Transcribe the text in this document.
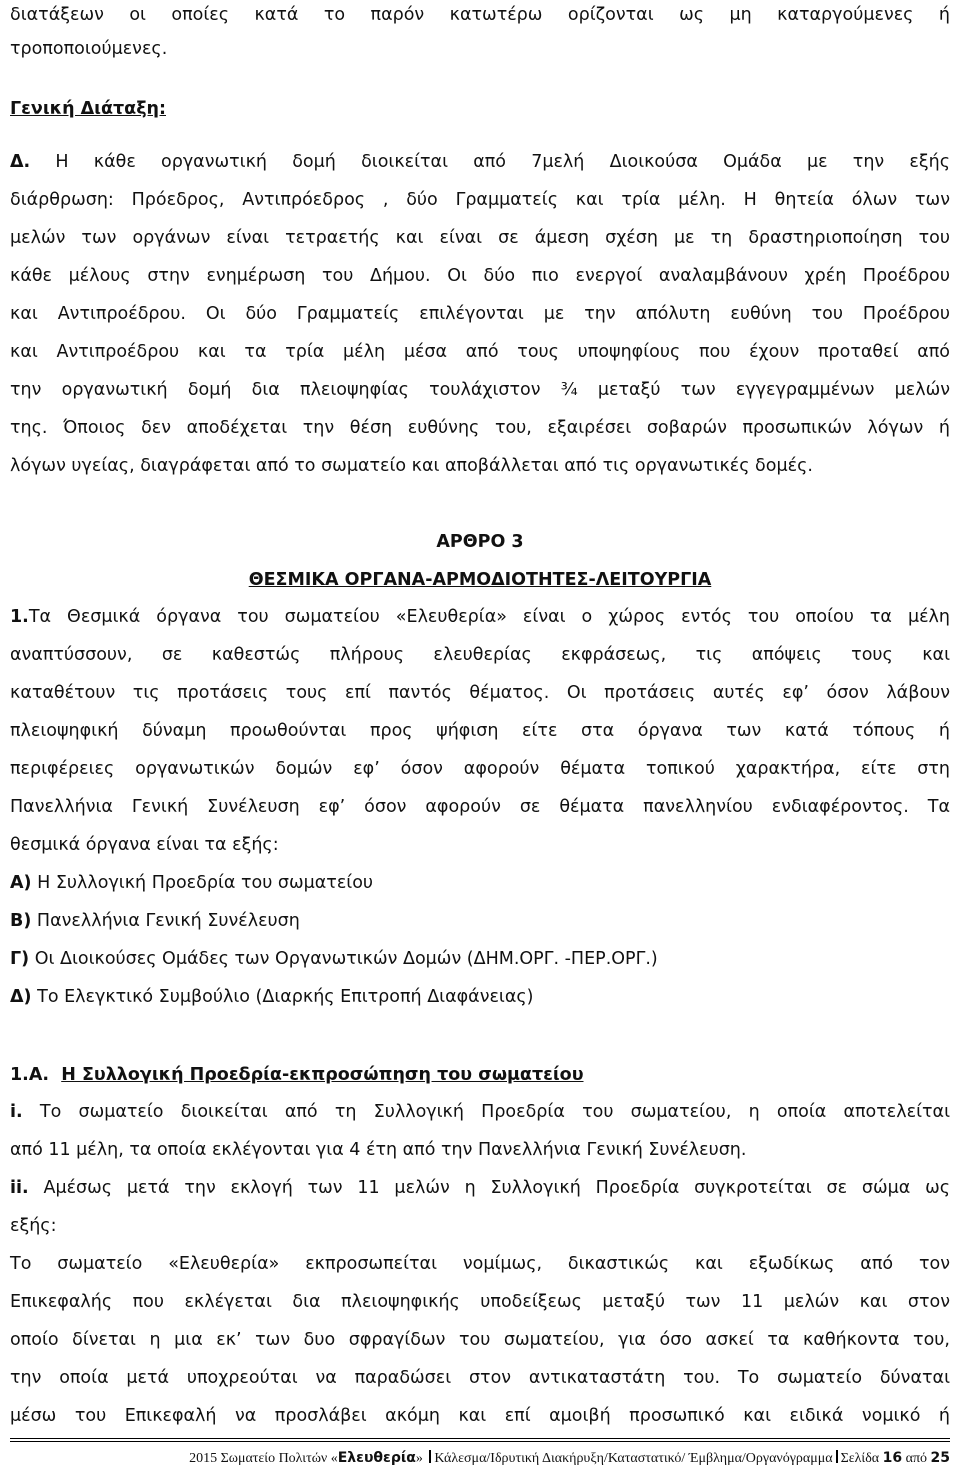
διατάξεων οι οποίες κατά το παρόν κατωτέρω ορίζονται ως μη καταργούμενες ή
τροποποιούμενες.
Γενική Διάταξη:
Δ. Η κάθε οργανωτική δομή διοικείται από 7μελή Διοικούσα Ομάδα με την εξής
διάρθρωση: Πρόεδρος, Αντιπρόεδρος , δύο Γραμματείς και τρία μέλη. Η θητεία όλων των
μελών των οργάνων είναι τετραετής και είναι σε άμεση σχέση με τη δραστηριοποίηση του
κάθε μέλους στην ενημέρωση του Δήμου. Οι δύο πιο ενεργοί αναλαμβάνουν χρέη Προέδρου
και Αντιπροέδρου. Οι δύο Γραμματείς επιλέγονται με την απόλυτη ευθύνη του Προέδρου
και Αντιπροέδρου και τα τρία μέλη μέσα από τους υποψηφίους που έχουν προταθεί από
την οργανωτική δομή δια πλειοψηφίας τουλάχιστον ¾ μεταξύ των εγγεγραμμένων μελών
της. Όποιος δεν αποδέχεται την θέση ευθύνης του, εξαιρέσει σοβαρών προσωπικών λόγων ή
λόγων υγείας, διαγράφεται από το σωματείο και αποβάλλεται από τις οργανωτικές δομές.
ΑΡΘΡΟ 3
ΘΕΣΜΙΚΑ ΟΡΓΑΝΑ-ΑΡΜΟΔΙΟΤΗΤΕΣ-ΛΕΙΤΟΥΡΓΙΑ
1.Τα Θεσμικά όργανα του σωματείου «Ελευθερία» είναι ο χώρος εντός του οποίου τα μέλη
αναπτύσσουν, σε καθεστώς πλήρους ελευθερίας εκφράσεως, τις απόψεις τους και
καταθέτουν τις προτάσεις τους επί παντός θέματος. Οι προτάσεις αυτές εφ’ όσον λάβουν
πλειοψηφική δύναμη προωθούνται προς ψήφιση είτε στα όργανα των κατά τόπους ή
περιφέρειες οργανωτικών δομών εφ’ όσον αφορούν θέματα τοπικού χαρακτήρα, είτε στη
Πανελλήνια Γενική Συνέλευση εφ’ όσον αφορούν σε θέματα πανελληνίου ενδιαφέροντος. Τα
θεσμικά όργανα είναι τα εξής:
Α) Η Συλλογική Προεδρία του σωματείου
Β) Πανελλήνια Γενική Συνέλευση
Γ) Οι Διοικούσες Ομάδες των Οργανωτικών Δομών (ΔΗΜ.ΟΡΓ. -ΠΕΡ.ΟΡΓ.)
Δ) Το Ελεγκτικό Συμβούλιο (Διαρκής Επιτροπή Διαφάνειας)
1.Α. Η Συλλογική Προεδρία-εκπροσώπηση του σωματείου
i. Το σωματείο διοικείται από τη Συλλογική Προεδρία του σωματείου, η οποία αποτελείται
από 11 μέλη, τα οποία εκλέγονται για 4 έτη από την Πανελλήνια Γενική Συνέλευση.
ii. Αμέσως μετά την εκλογή των 11 μελών η Συλλογική Προεδρία συγκροτείται σε σώμα ως
εξής:
Το σωματείο «Ελευθερία» εκπροσωπείται νομίμως, δικαστικώς και εξωδίκως από τον
Επικεφαλής που εκλέγεται δια πλειοψηφικής υποδείξεως μεταξύ των 11 μελών και στον
οποίο δίνεται η μια εκ’ των δυο σφραγίδων του σωματείου, για όσο ασκεί τα καθήκοντα του,
την οποία μετά υποχρεούται να παραδώσει στον αντικαταστάτη του. Το σωματείο δύναται
μέσω του Επικεφαλή να προσλάβει ακόμη και επί αμοιβή προσωπικό και ειδικά νομικό ή
2015 Σωματείο Πολιτών «Ελευθερία» Κάλεσμα/Ιδρυτική Διακήρυξη/Καταστατικό/ Έμβλημα/Οργανόγραμμα Σελίδα 16 από 25
